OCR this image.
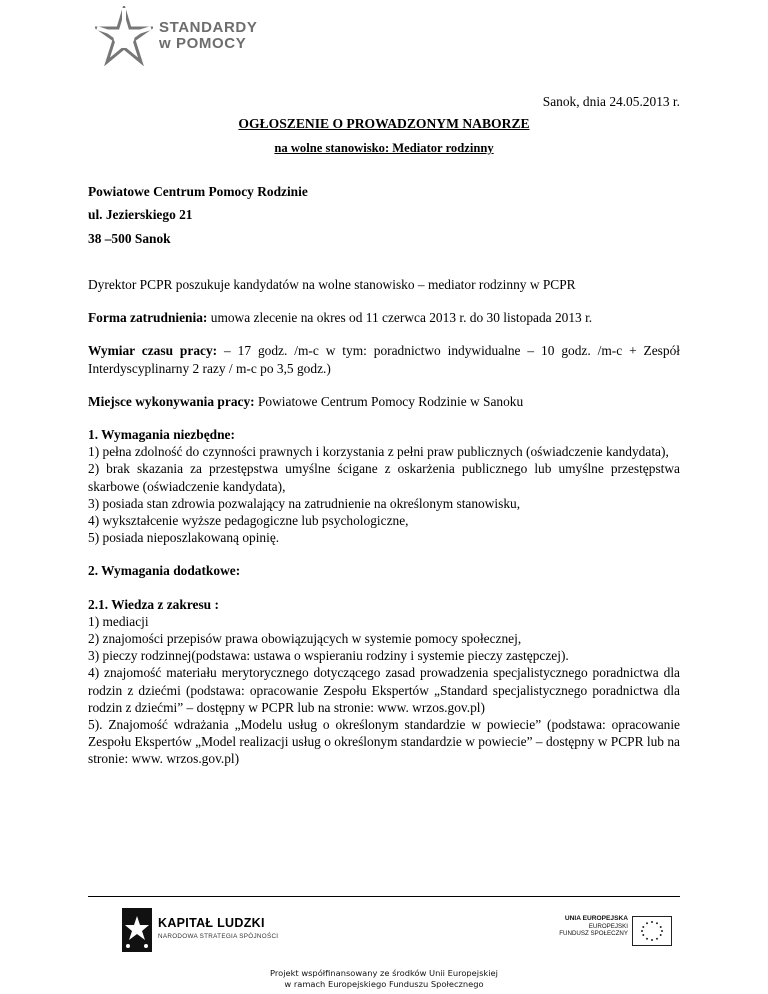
STANDARDY
w POMOCY
Sanok, dnia 24.05.2013 r.
OGŁOSZENIE O PROWADZONYM NABORZE
na wolne stanowisko: Mediator rodzinny

Powiatowe Centrum Pomocy Rodzinie

ul. Jezierskiego 21

38 –500 Sanok

Dyrektor PCPR poszukuje kandydatów na wolne stanowisko – mediator rodzinny w PCPR

Forma zatrudnienia: umowa zlecenie na okres od 11 czerwca 2013 r. do 30 listopada 2013 r.

Wymiar czasu pracy: – 17 godz. /m-c w tym: poradnictwo indywidualne – 10 godz. /m-c + Zespół Interdyscyplinarny 2 razy / m-c po 3,5 godz.)

Miejsce wykonywania pracy: Powiatowe Centrum Pomocy Rodzinie w Sanoku

1. Wymagania niezbędne:

1) pełna zdolność do czynności prawnych i korzystania z pełni praw publicznych (oświadczenie kandydata),

2) brak skazania za przestępstwa umyślne ścigane z oskarżenia publicznego lub umyślne przestępstwa skarbowe (oświadczenie kandydata),

3) posiada stan zdrowia pozwalający na zatrudnienie na określonym stanowisku,

4) wykształcenie wyższe pedagogiczne lub psychologiczne,

5) posiada nieposzlakowaną opinię.

2. Wymagania dodatkowe:

2.1. Wiedza z zakresu :

1) mediacji

2) znajomości przepisów prawa obowiązujących w systemie pomocy społecznej,

3) pieczy rodzinnej(podstawa: ustawa o wspieraniu rodziny i systemie pieczy zastępczej).

4) znajomość materiału merytorycznego dotyczącego zasad prowadzenia specjalistycznego poradnictwa dla rodzin z dziećmi (podstawa: opracowanie Zespołu Ekspertów „Standard specjalistycznego poradnictwa dla rodzin z dziećmi” – dostępny w PCPR lub na stronie: www. wrzos.gov.pl)

5). Znajomość wdrażania „Modelu usług o określonym standardzie w powiecie” (podstawa: opracowanie Zespołu Ekspertów „Model realizacji usług o określonym standardzie w powiecie” – dostępny w PCPR lub na stronie: www. wrzos.gov.pl)

KAPITAŁ LUDZKI
NARODOWA STRATEGIA SPÓJNOŚCI
UNIA EUROPEJSKA
EUROPEJSKI
FUNDUSZ SPOŁECZNY
Projekt współfinansowany ze środków Unii Europejskiej
w ramach Europejskiego Funduszu Społecznego
